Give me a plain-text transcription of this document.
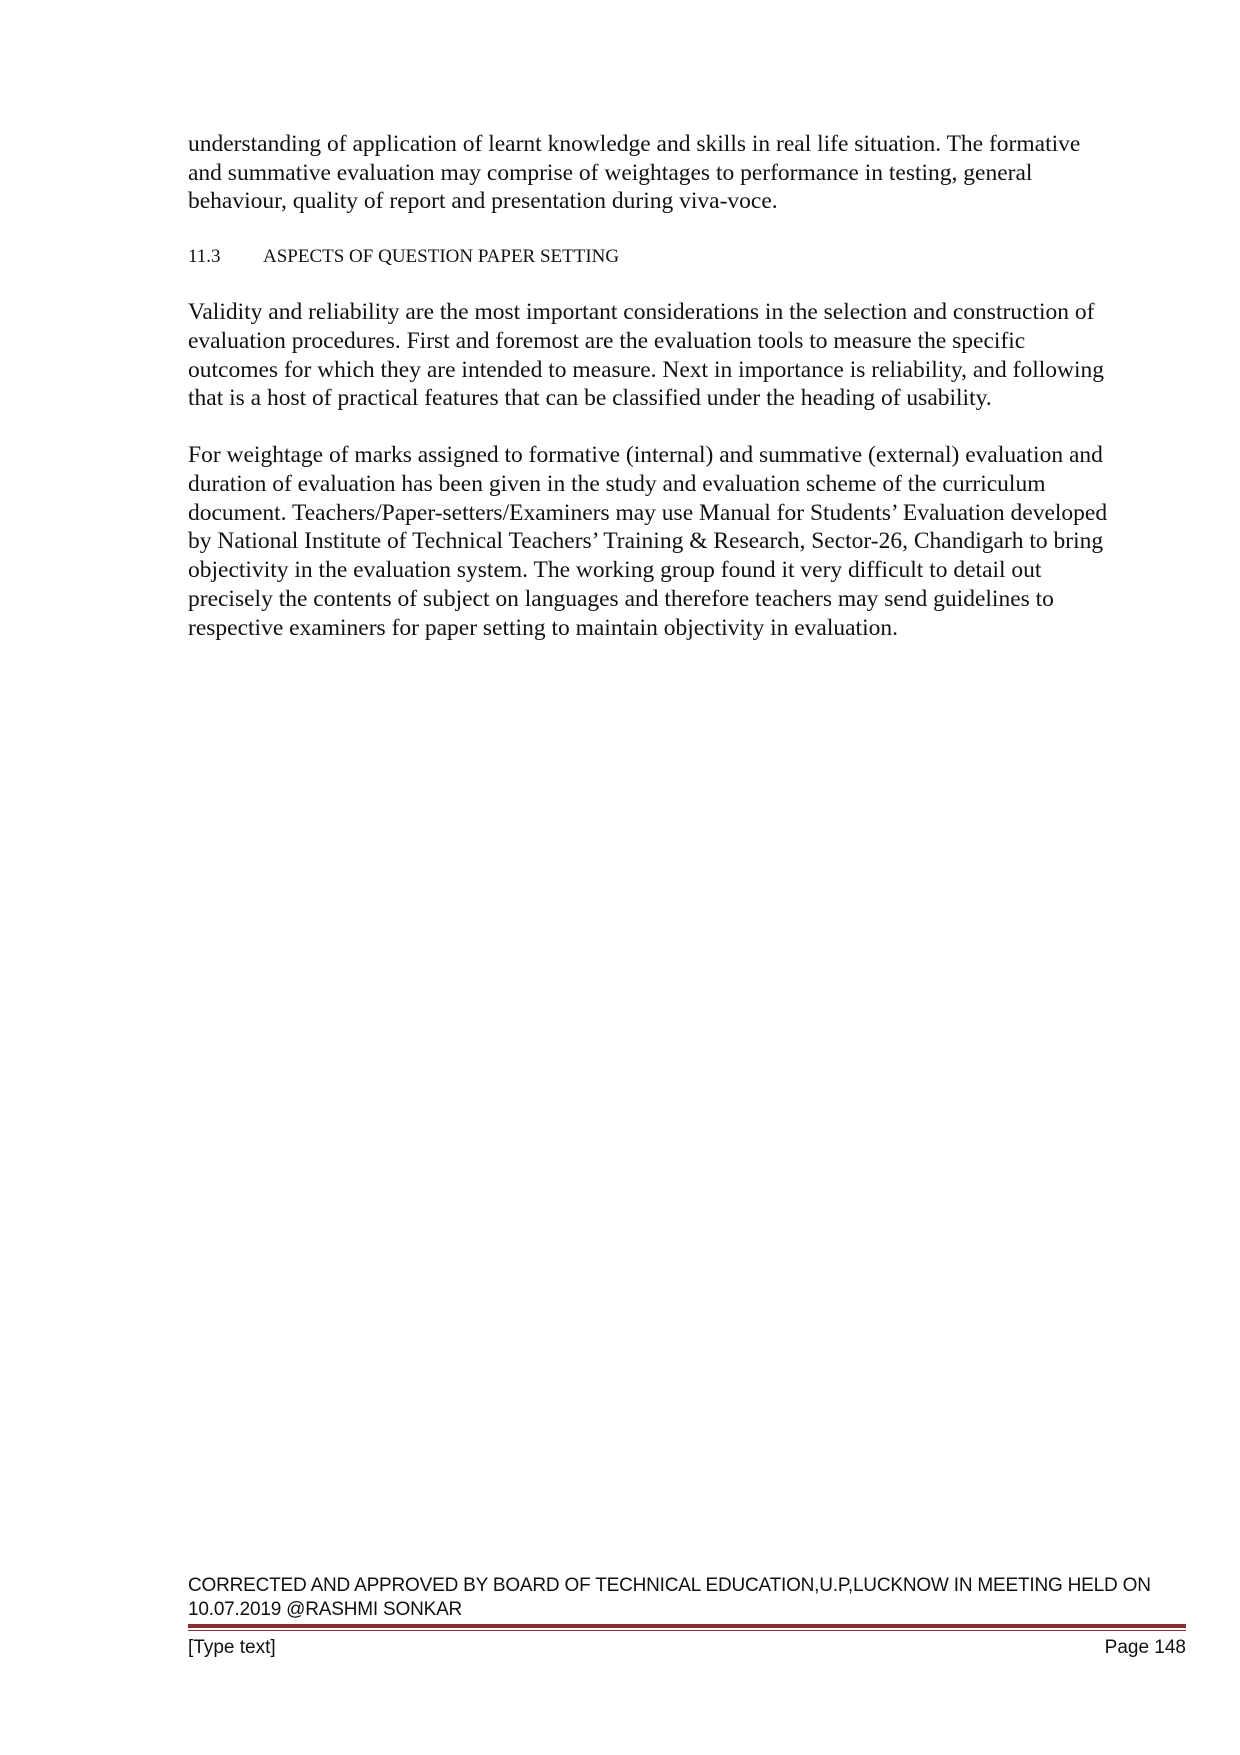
understanding of application of learnt knowledge and skills in real life situation. The formative
and summative evaluation may comprise of weightages to performance in testing, general
behaviour, quality of report and presentation during viva-voce.

11.3 ASPECTS OF QUESTION PAPER SETTING
Validity and reliability are the most important considerations in the selection and construction of
evaluation procedures. First and foremost are the evaluation tools to measure the specific
outcomes for which they are intended to measure. Next in importance is reliability, and following
that is a host of practical features that can be classified under the heading of usability.
For weightage of marks assigned to formative (internal) and summative (external) evaluation and
duration of evaluation has been given in the study and evaluation scheme of the curriculum
document. Teachers/Paper-setters/Examiners may use Manual for Students’ Evaluation developed
by National Institute of Technical Teachers’ Training & Research, Sector-26, Chandigarh to bring
objectivity in the evaluation system. The working group found it very difficult to detail out
precisely the contents of subject on languages and therefore teachers may send guidelines to
respective examiners for paper setting to maintain objectivity in evaluation.
CORRECTED AND APPROVED BY BOARD OF TECHNICAL EDUCATION,U.P,LUCKNOW IN MEETING HELD ON
10.07.2019 @RASHMI SONKAR
[Type text]	Page 148
